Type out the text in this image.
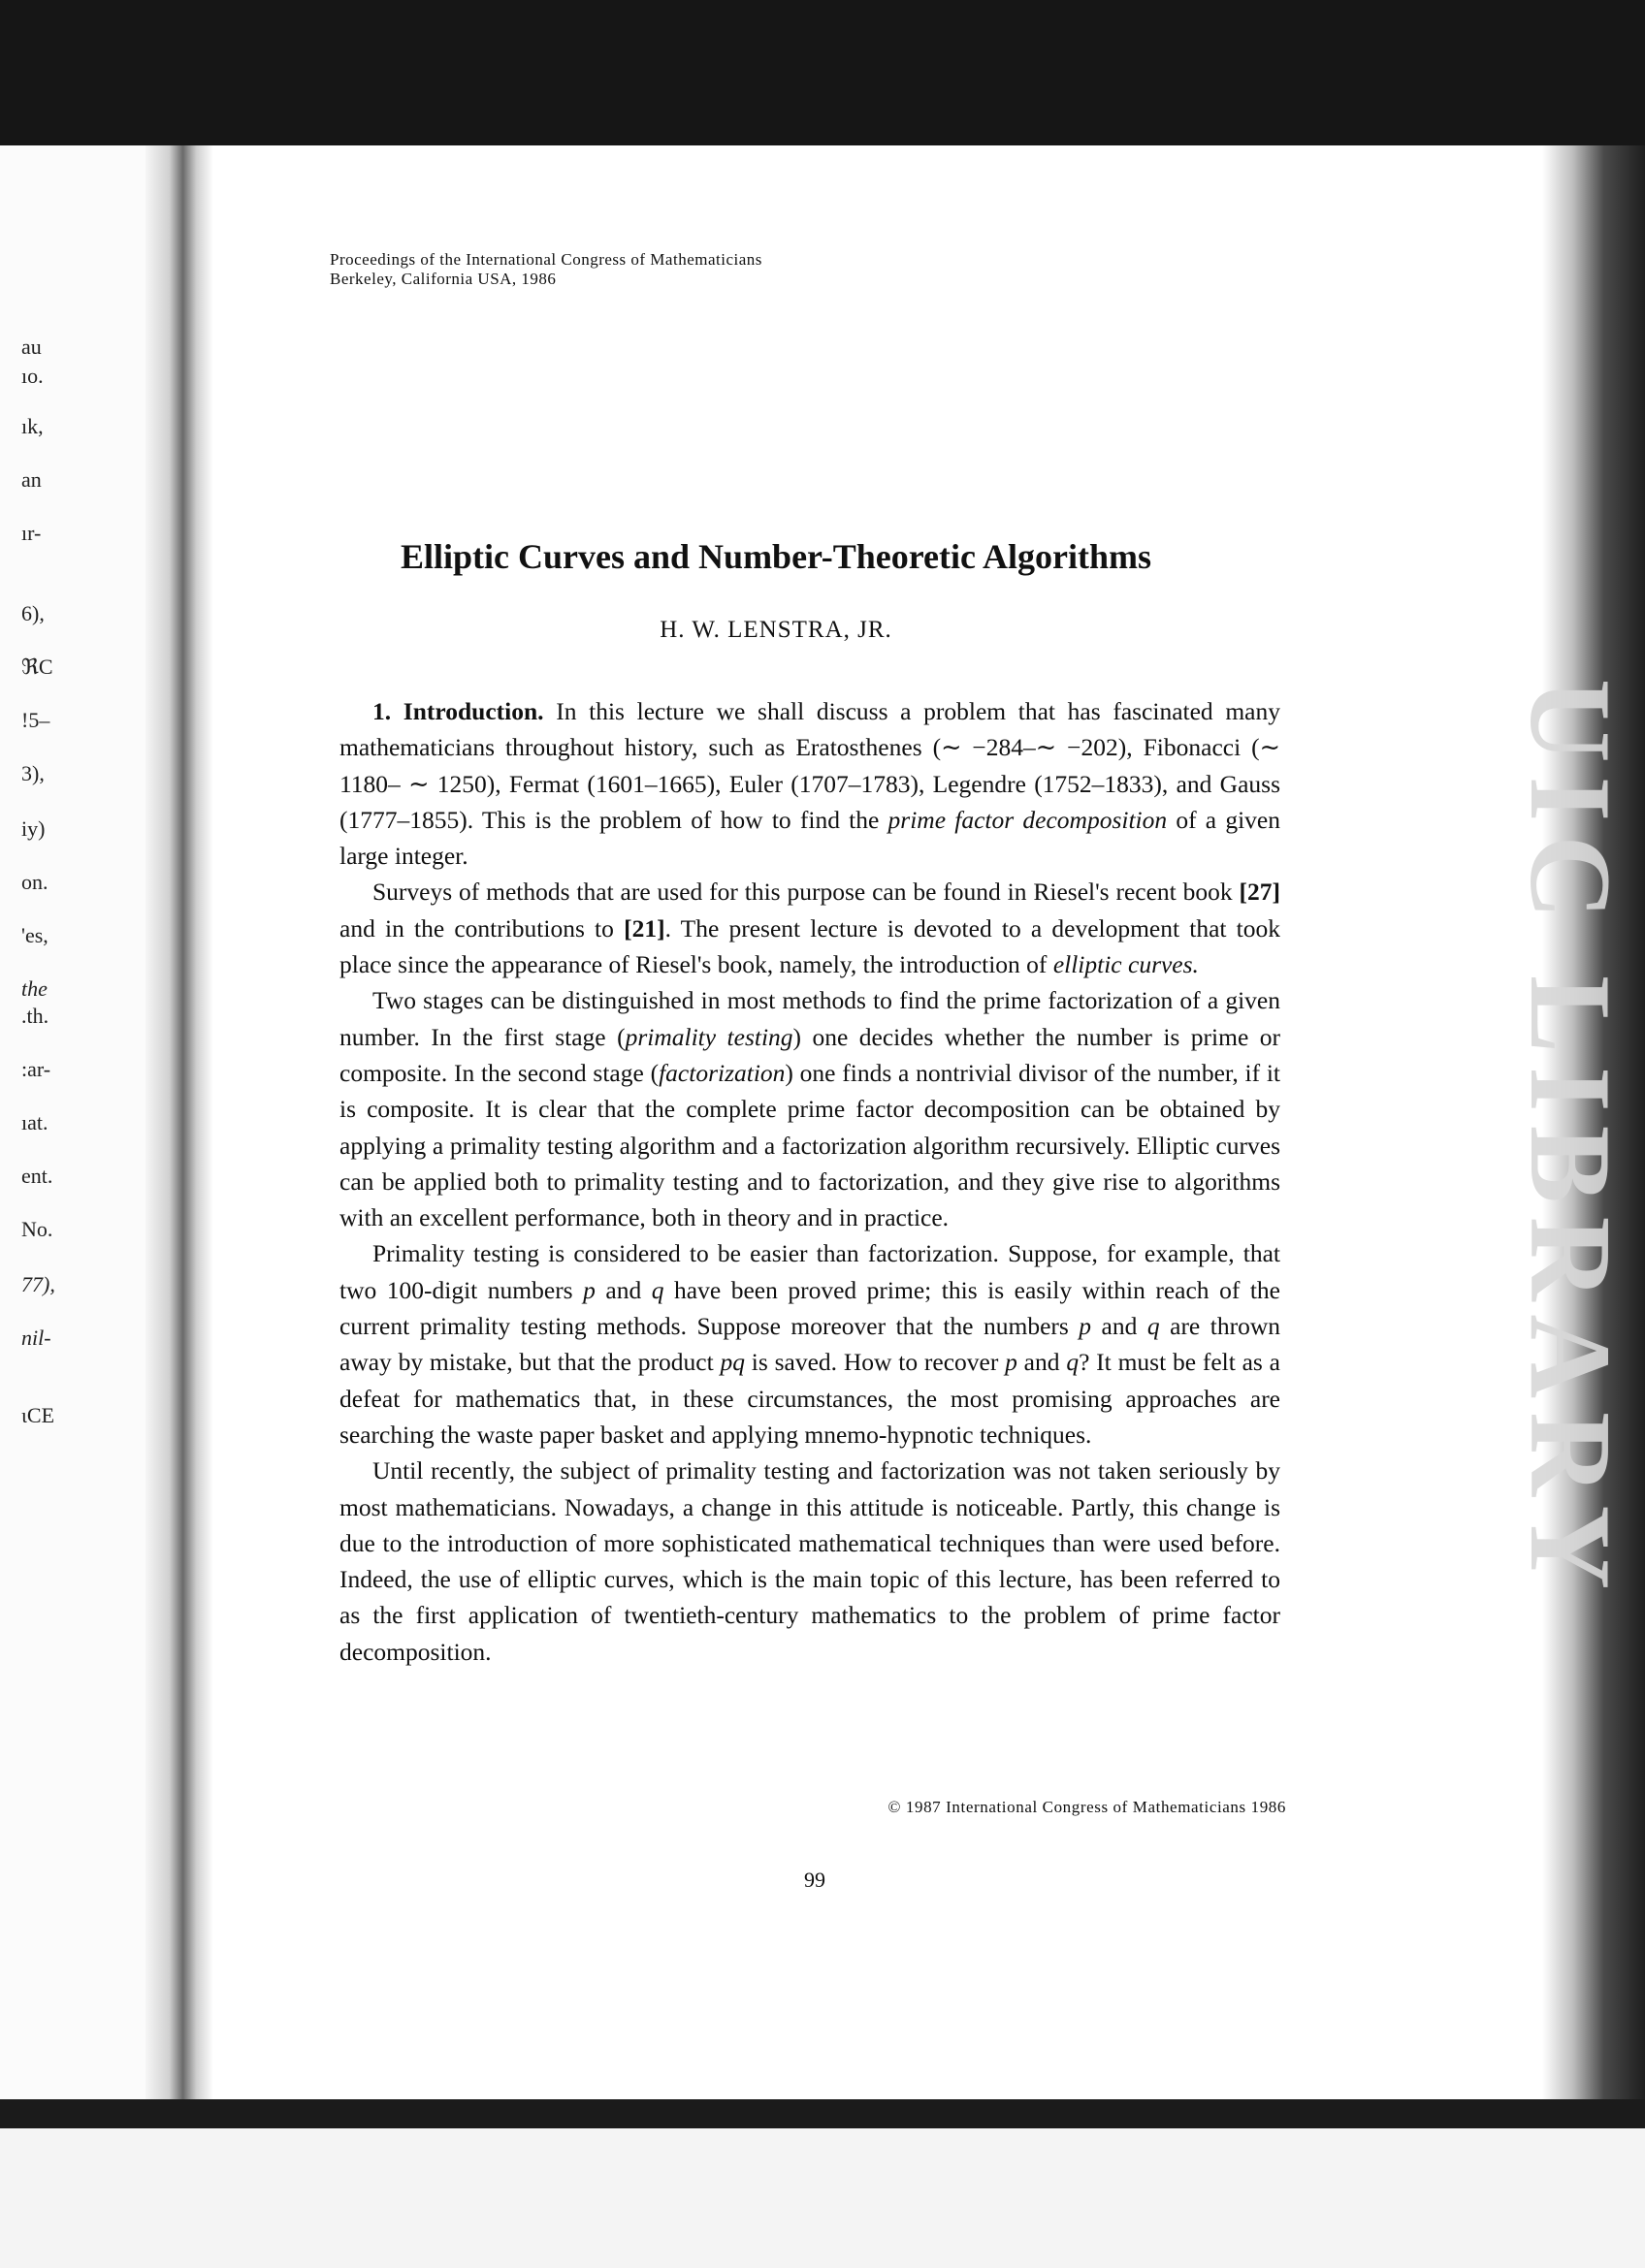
UIC LIBRARY
au
ıo.
ık,
an
ır-
6),
ℜC
!5–
3),
iy)
on.
'es,
the
.th.
:ar-
ıat.
ent.
No.
77),
nil-
ɩCE
Proceedings of the International Congress of Mathematicians
Berkeley, California USA, 1986
Elliptic Curves and Number-Theoretic Algorithms
H. W. LENSTRA, JR.

1. Introduction. In this lecture we shall discuss a problem that has fascinated many mathematicians throughout history, such as Eratosthenes (∼ −284–∼ −202), Fibonacci (∼ 1180– ∼ 1250), Fermat (1601–1665), Euler (1707–1783), Legendre (1752–1833), and Gauss (1777–1855). This is the problem of how to find the prime factor decomposition of a given large integer.

Surveys of methods that are used for this purpose can be found in Riesel's recent book [27] and in the contributions to [21]. The present lecture is devoted to a development that took place since the appearance of Riesel's book, namely, the introduction of elliptic curves.

Two stages can be distinguished in most methods to find the prime factorization of a given number. In the first stage (primality testing) one decides whether the number is prime or composite. In the second stage (factorization) one finds a nontrivial divisor of the number, if it is composite. It is clear that the complete prime factor decomposition can be obtained by applying a primality testing algorithm and a factorization algorithm recursively. Elliptic curves can be applied both to primality testing and to factorization, and they give rise to algorithms with an excellent performance, both in theory and in practice.

Primality testing is considered to be easier than factorization. Suppose, for example, that two 100-digit numbers p and q have been proved prime; this is easily within reach of the current primality testing methods. Suppose moreover that the numbers p and q are thrown away by mistake, but that the product pq is saved. How to recover p and q? It must be felt as a defeat for mathematics that, in these circumstances, the most promising approaches are searching the waste paper basket and applying mnemo-hypnotic techniques.

Until recently, the subject of primality testing and factorization was not taken seriously by most mathematicians. Nowadays, a change in this attitude is noticeable. Partly, this change is due to the introduction of more sophisticated mathematical techniques than were used before. Indeed, the use of elliptic curves, which is the main topic of this lecture, has been referred to as the first application of twentieth-century mathematics to the problem of prime factor decomposition.

© 1987 International Congress of Mathematicians 1986
99
